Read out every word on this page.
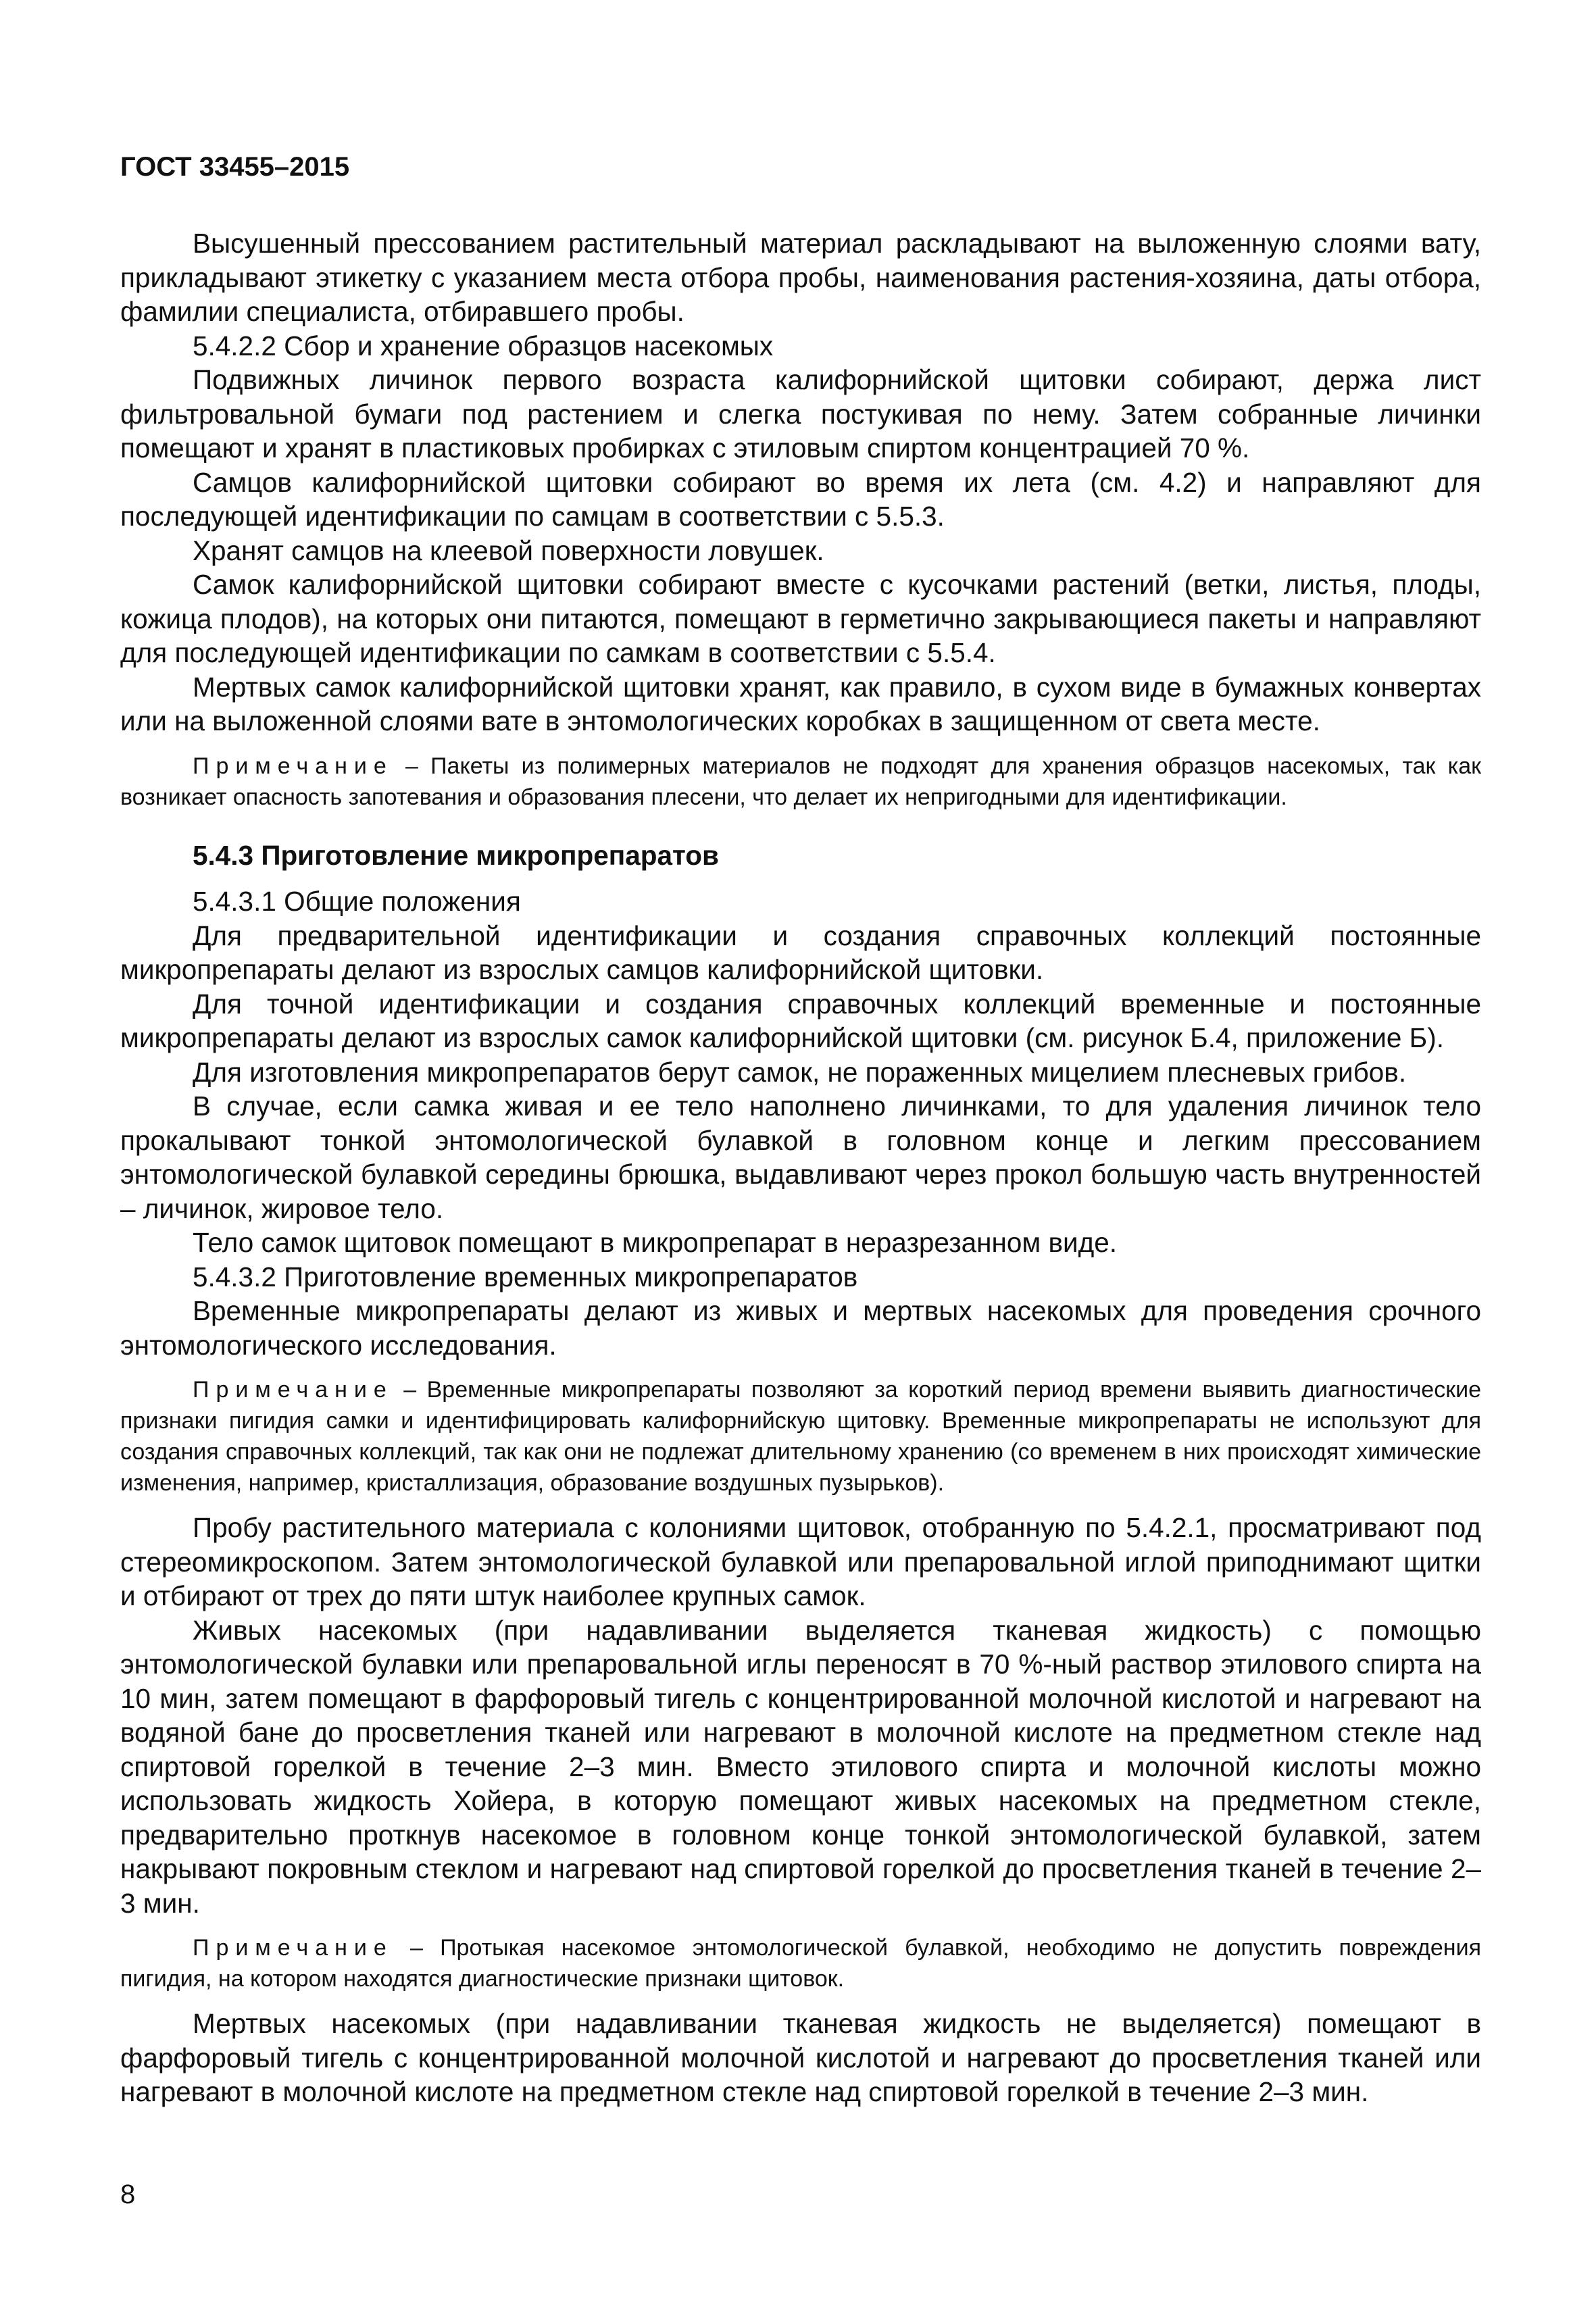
ГОСТ 33455–2015

Высушенный прессованием растительный материал раскладывают на выложенную слоями вату, прикладывают этикетку с указанием места отбора пробы, наименования растения-хозяина, даты отбора, фамилии специалиста, отбиравшего пробы.

5.4.2.2 Сбор и хранение образцов насекомых

Подвижных личинок первого возраста калифорнийской щитовки собирают, держа лист фильтровальной бумаги под растением и слегка постукивая по нему. Затем собранные личинки помещают и хранят в пластиковых пробирках с этиловым спиртом концентрацией 70 %.

Самцов калифорнийской щитовки собирают во время их лета (см. 4.2) и направляют для последующей идентификации по самцам в соответствии с 5.5.3.

Хранят самцов на клеевой поверхности ловушек.

Самок калифорнийской щитовки собирают вместе с кусочками растений (ветки, листья, плоды, кожица плодов), на которых они питаются, помещают в герметично закрывающиеся пакеты и направляют для последующей идентификации по самкам в соответствии с 5.5.4.

Мертвых самок калифорнийской щитовки хранят, как правило, в сухом виде в бумажных конвертах или на выложенной слоями вате в энтомологических коробках в защищенном от света месте.

Примечание – Пакеты из полимерных материалов не подходят для хранения образцов насекомых, так как возникает опасность запотевания и образования плесени, что делает их непригодными для идентификации.

5.4.3 Приготовление микропрепаратов

5.4.3.1 Общие положения

Для предварительной идентификации и создания справочных коллекций постоянные микропрепараты делают из взрослых самцов калифорнийской щитовки.

Для точной идентификации и создания справочных коллекций временные и постоянные микропрепараты делают из взрослых самок калифорнийской щитовки (см. рисунок Б.4, приложение Б).

Для изготовления микропрепаратов берут самок, не пораженных мицелием плесневых грибов.

В случае, если самка живая и ее тело наполнено личинками, то для удаления личинок тело прокалывают тонкой энтомологической булавкой в головном конце и легким прессованием энтомологической булавкой середины брюшка, выдавливают через прокол большую часть внутренностей – личинок, жировое тело.

Тело самок щитовок помещают в микропрепарат в неразрезанном виде.

5.4.3.2 Приготовление временных микропрепаратов

Временные микропрепараты делают из живых и мертвых насекомых для проведения срочного энтомологического исследования.

Примечание – Временные микропрепараты позволяют за короткий период времени выявить диагностические признаки пигидия самки и идентифицировать калифорнийскую щитовку. Временные микропрепараты не используют для создания справочных коллекций, так как они не подлежат длительному хранению (со временем в них происходят химические изменения, например, кристаллизация, образование воздушных пузырьков).

Пробу растительного материала с колониями щитовок, отобранную по 5.4.2.1, просматривают под стереомикроскопом. Затем энтомологической булавкой или препаровальной иглой приподнимают щитки и отбирают от трех до пяти штук наиболее крупных самок.

Живых насекомых (при надавливании выделяется тканевая жидкость) с помощью энтомологической булавки или препаровальной иглы переносят в 70 %-ный раствор этилового спирта на 10 мин, затем помещают в фарфоровый тигель с концентрированной молочной кислотой и нагревают на водяной бане до просветления тканей или нагревают в молочной кислоте на предметном стекле над спиртовой горелкой в течение 2–3 мин. Вместо этилового спирта и молочной кислоты можно использовать жидкость Хойера, в которую помещают живых насекомых на предметном стекле, предварительно проткнув насекомое в головном конце тонкой энтомологической булавкой, затем накрывают покровным стеклом и нагревают над спиртовой горелкой до просветления тканей в течение 2–3 мин.

Примечание – Протыкая насекомое энтомологической булавкой, необходимо не допустить повреждения пигидия, на котором находятся диагностические признаки щитовок.

Мертвых насекомых (при надавливании тканевая жидкость не выделяется) помещают в фарфоровый тигель с концентрированной молочной кислотой и нагревают до просветления тканей или нагревают в молочной кислоте на предметном стекле над спиртовой горелкой в течение 2–3 мин.

8
